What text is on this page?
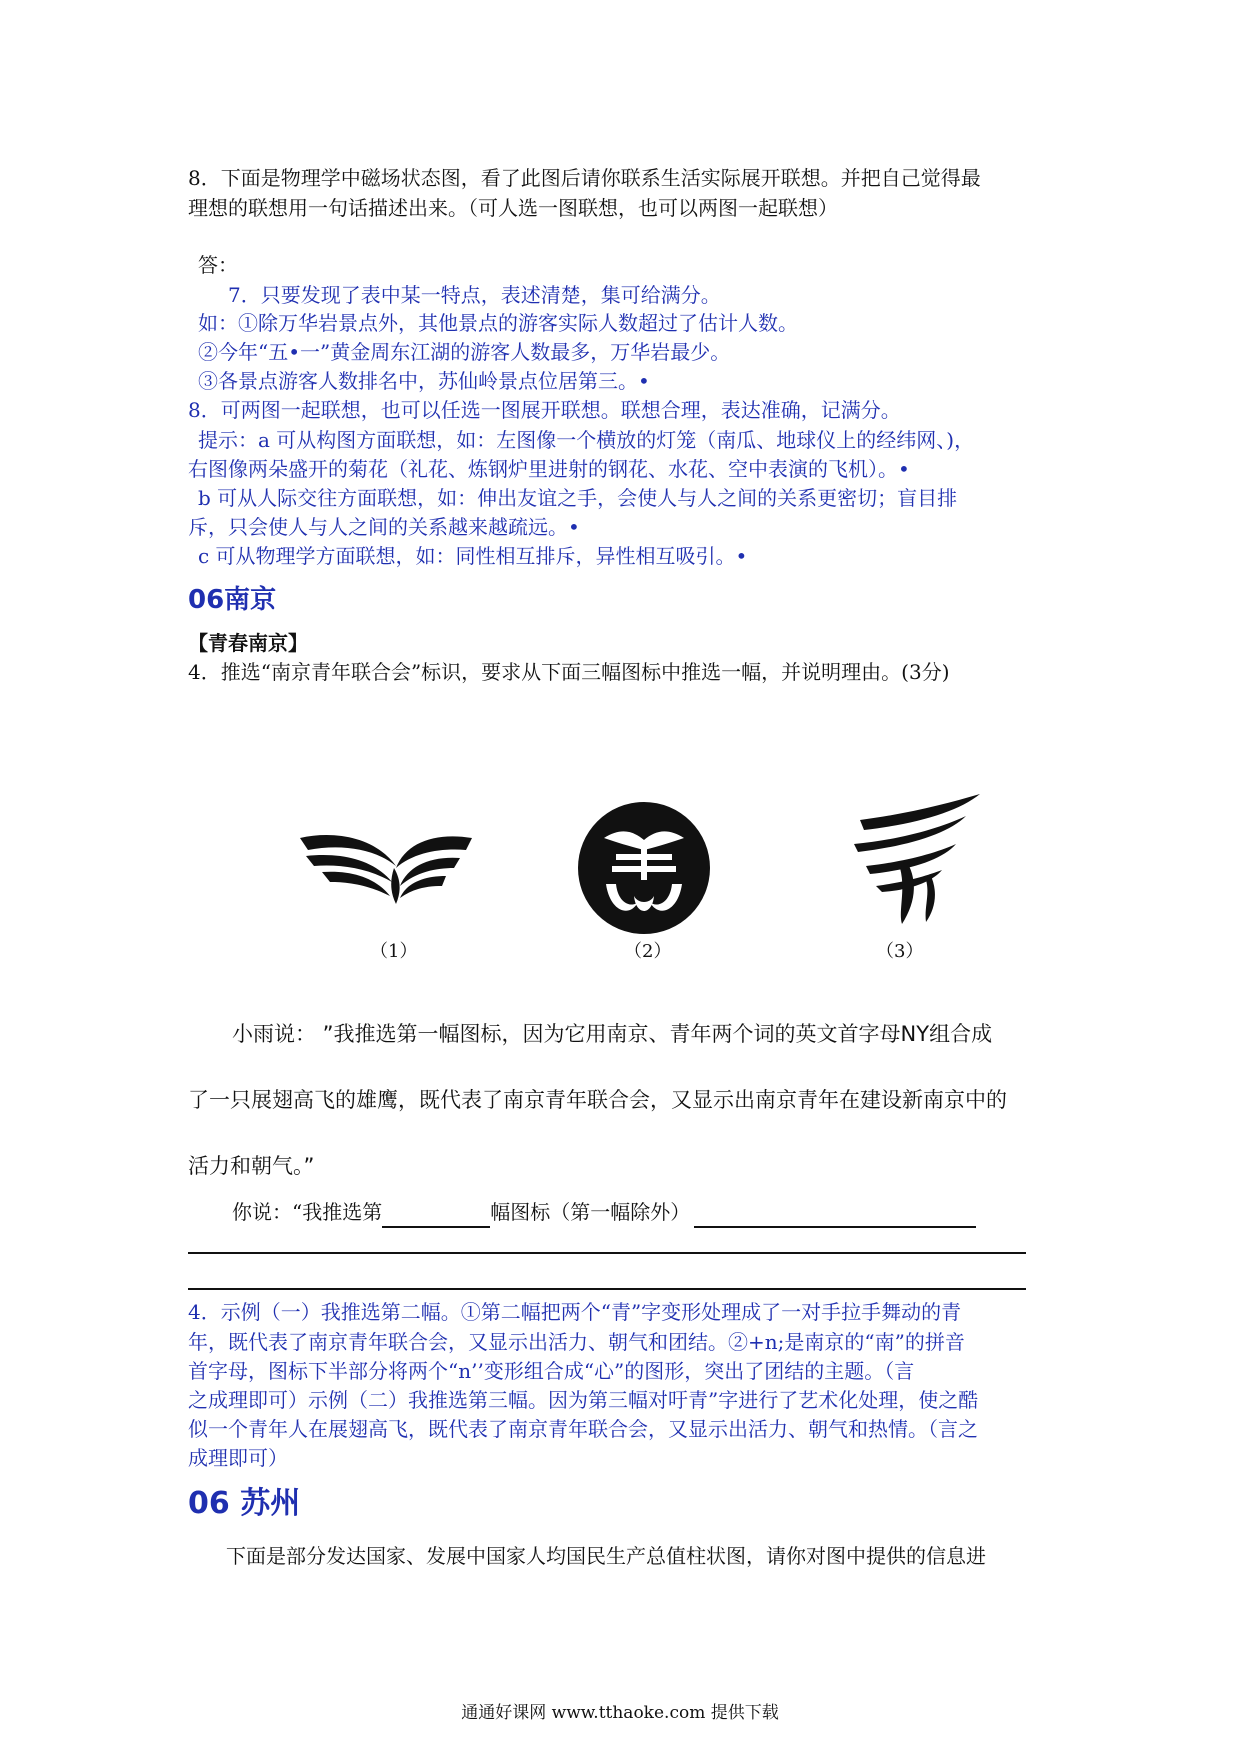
8．下面是物理学中磁场状态图，看了此图后请你联系生活实际展开联想。并把自己觉得最

理想的联想用一句话描述出来。（可人选一图联想，也可以两图一起联想）

答：

7．只要发现了表中某一特点，表述清楚，集可给满分。

如：①除万华岩景点外，其他景点的游客实际人数超过了估计人数。

②今年“五•一”黄金周东江湖的游客人数最多，万华岩最少。

③各景点游客人数排名中，苏仙岭景点位居第三。•

8．可两图一起联想，也可以任选一图展开联想。联想合理，表达准确，记满分。

提示：a 可从构图方面联想，如：左图像一个横放的灯笼（南瓜、地球仪上的经纬网、)，

右图像两朵盛开的菊花（礼花、炼钢炉里进射的钢花、水花、空中表演的飞机）。•

b 可从人际交往方面联想，如：伸出友谊之手，会使人与人之间的关系更密切；盲目排

斥，只会使人与人之间的关系越来越疏远。•

c 可从物理学方面联想，如：同性相互排斥，异性相互吸引。•

06南京

【青春南京】

4．推选“南京青年联合会”标识，要求从下面三幅图标中推选一幅，并说明理由。(3分)

（1）	（2）	（3）

小雨说： ”我推选第一幅图标，因为它用南京、青年两个词的英文首字母NY组合成

了一只展翅高飞的雄鹰，既代表了南京青年联合会，又显示出南京青年在建设新南京中的

活力和朝气。”

你说：“我推选第	幅图标（第一幅除外）

4．示例（一）我推选第二幅。①第二幅把两个“青”字变形处理成了一对手拉手舞动的青

年，既代表了南京青年联合会，又显示出活力、朝气和团结。②+n;是南京的“南”的拼音

首字母，图标下半部分将两个“n’’变形组合成“心”的图形，突出了团结的主题。（言

之成理即可）示例（二）我推选第三幅。因为第三幅对吁青”字进行了艺术化处理，使之酷

似一个青年人在展翅高飞，既代表了南京青年联合会，又显示出活力、朝气和热情。（言之

成理即可）

06 苏州

下面是部分发达国家、发展中国家人均国民生产总值柱状图，请你对图中提供的信息进

通通好课网 www.tthaoke.com 提供下载
